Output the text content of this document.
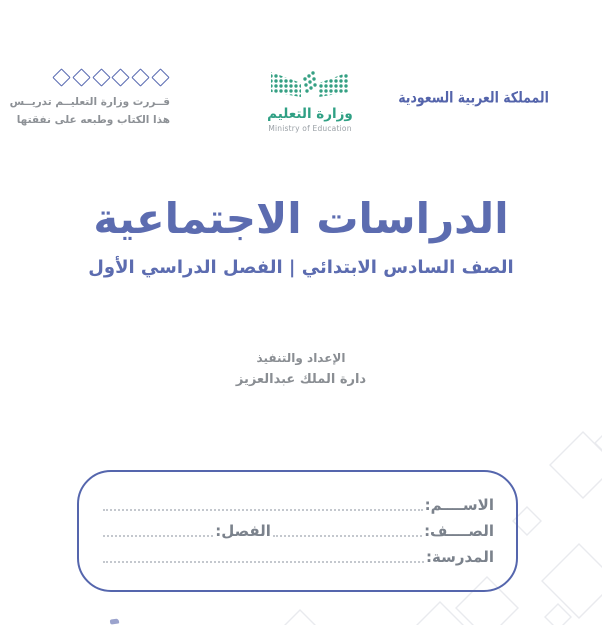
قــررت وزارة التعليــم تدريــس
هذا الكتاب وطبعه على نفقتها	وزارة التعليم
Ministry of Education
المملكة العربية السعودية
الدراسات الاجتماعية
الصف السادس الابتدائي | الفصل الدراسي الأول
الإعداد والتنفيذ
دارة الملك عبدالعزيز
الاســــم:
الصــــف:
الفصل:
المدرسة:
